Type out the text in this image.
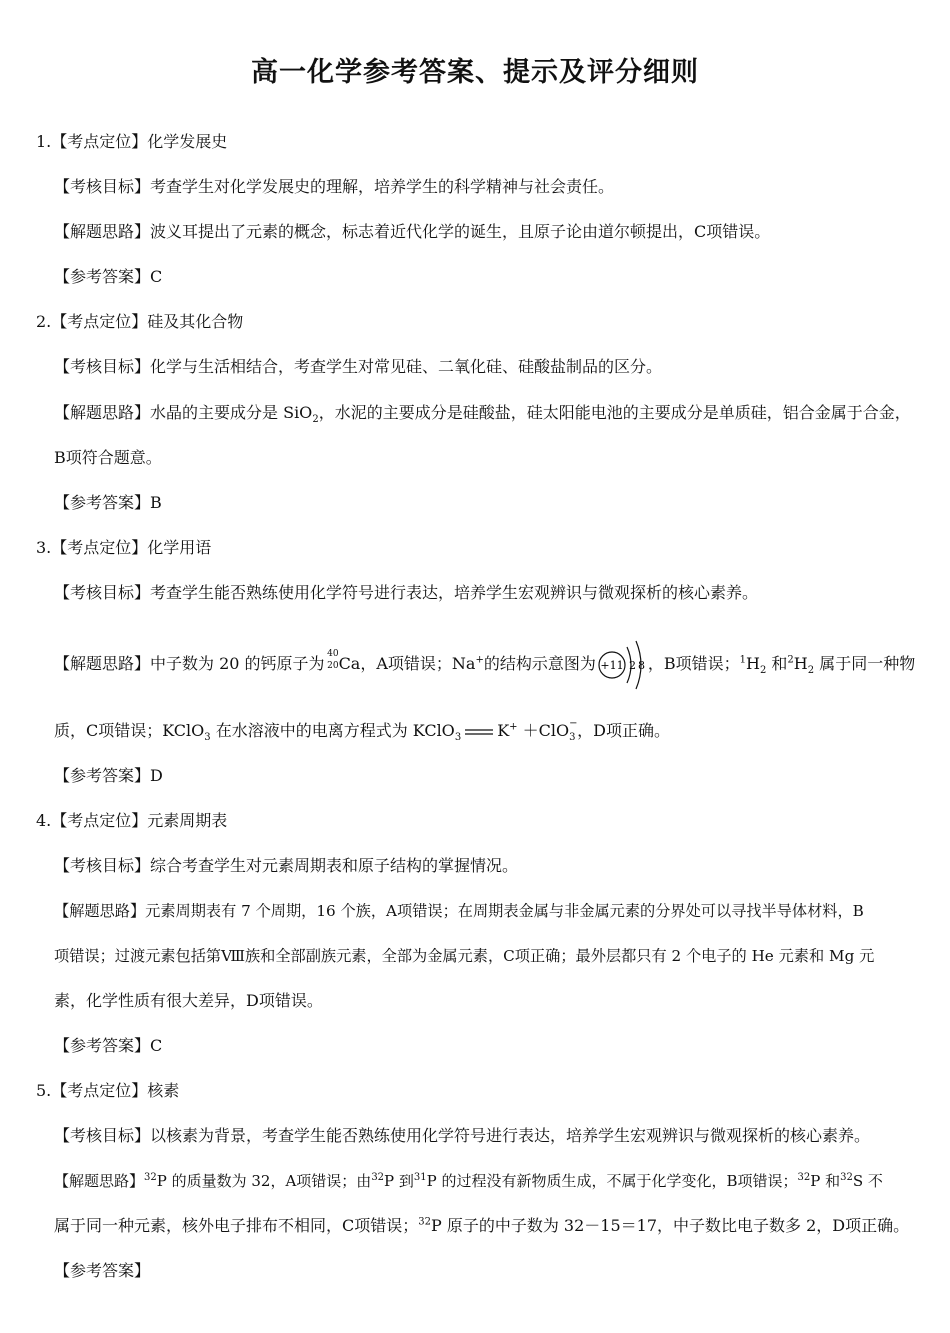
高一化学参考答案、提示及评分细则
1.【考点定位】化学发展史
【考核目标】考查学生对化学发展史的理解，培养学生的科学精神与社会责任。
【解题思路】波义耳提出了元素的概念，标志着近代化学的诞生，且原子论由道尔顿提出，C项错误。
【参考答案】C
2.【考点定位】硅及其化合物
【考核目标】化学与生活相结合，考查学生对常见硅、二氧化硅、硅酸盐制品的区分。
【解题思路】水晶的主要成分是 SiO$_2$，水泥的主要成分是硅酸盐，硅太阳能电池的主要成分是单质硅，铝合金属于合金，
B项符合题意。
【参考答案】B
3.【考点定位】化学用语
【考核目标】考查学生能否熟练使用化学符号进行表达，培养学生宏观辨识与微观探析的核心素养。
【解题思路】中子数为 20 的钙原子为
40
20 Ca，A项错误；Na+的结构示意图为 +11 2 8 ，B项错误；$^1H_2$ 和$^2H_2$ 属于同一种物
质，C项错误；KClO$_3$ 在水溶液中的电离方程式为 KClO$_3$ K+ ＋ClO −
3 ，D项正确。
【参考答案】D
4.【考点定位】元素周期表
【考核目标】综合考查学生对元素周期表和原子结构的掌握情况。
【解题思路】元素周期表有 7 个周期，16 个族，A项错误；在周期表金属与非金属元素的分界处可以寻找半导体材料，B
项错误；过渡元素包括第Ⅷ族和全部副族元素，全部为金属元素，C项正确；最外层都只有 2 个电子的 He 元素和 Mg 元
素，化学性质有很大差异，D项错误。
【参考答案】C
5.【考点定位】核素
【考核目标】以核素为背景，考查学生能否熟练使用化学符号进行表达，培养学生宏观辨识与微观探析的核心素养。
【解题思路】$^{32}$P 的质量数为 32，A项错误；由$^{32}$P 到$^{31}$P 的过程没有新物质生成，不属于化学变化，B项错误；$^{32}$P 和$^{32}$S 不
属于同一种元素，核外电子排布不相同，C项错误；$^{32}$P 原子的中子数为 32－15＝17，中子数比电子数多 2，D项正确。
【参考答案】
